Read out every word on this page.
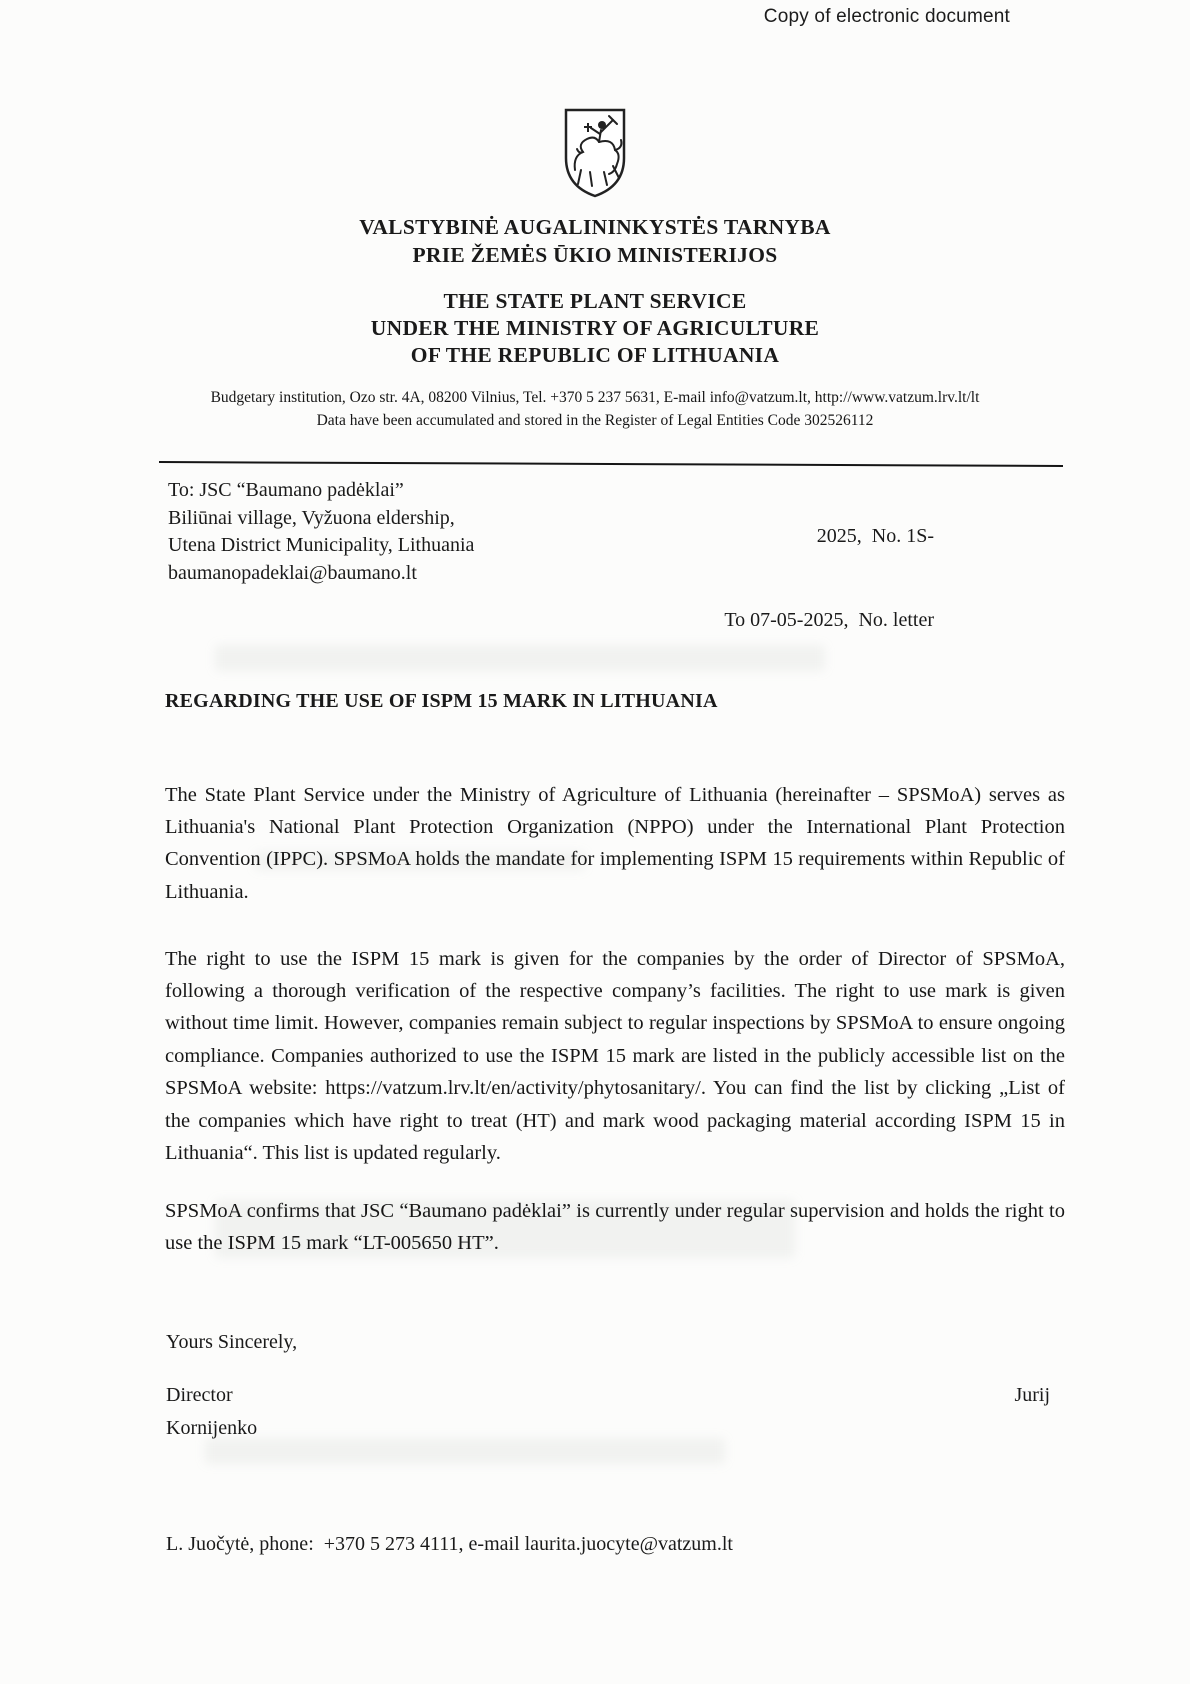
Copy of electronic document
VALSTYBINĖ AUGALININKYSTĖS TARNYBA
PRIE ŽEMĖS ŪKIO MINISTERIJOS
THE STATE PLANT SERVICE
UNDER THE MINISTRY OF AGRICULTURE
OF THE REPUBLIC OF LITHUANIA
Budgetary institution, Ozo str. 4A, 08200 Vilnius, Tel. +370 5 237 5631, E-mail info@vatzum.lt, http://www.vatzum.lrv.lt/lt
Data have been accumulated and stored in the Register of Legal Entities Code 302526112
To: JSC “Baumano padėklai”
Biliūnai village, Vyžuona eldership,
Utena District Municipality, Lithuania
baumanopadeklai@baumano.lt

2025,  No. 1S-

To 07-05-2025,  No. letter

REGARDING THE USE OF ISPM 15 MARK IN LITHUANIA

The State Plant Service under the Ministry of Agriculture of Lithuania (hereinafter – SPSMoA) serves as Lithuania's National Plant Protection Organization (NPPO) under the International Plant Protection Convention (IPPC). SPSMoA holds the mandate for implementing ISPM 15 requirements within Republic of Lithuania.

The right to use the ISPM 15 mark is given for the companies by the order of Director of SPSMoA, following a thorough verification of the respective company’s facilities. The right to use mark is given without time limit. However, companies remain subject to regular inspections by SPSMoA to ensure ongoing compliance. Companies authorized to use the ISPM 15 mark are listed in the publicly accessible list on the SPSMoA website: https://vatzum.lrv.lt/en/activity/phytosanitary/. You can find the list by clicking „List of the companies which have right to treat (HT) and mark wood packaging material according ISPM 15 in Lithuania“. This list is updated regularly.

SPSMoA confirms that JSC “Baumano padėklai” is currently under regular supervision and holds the right to use the ISPM 15 mark “LT-005650 HT”.

Yours Sincerely,
Director	Jurij
Kornijenko
L. Juočytė, phone:  +370 5 273 4111, e-mail laurita.juocyte@vatzum.lt
